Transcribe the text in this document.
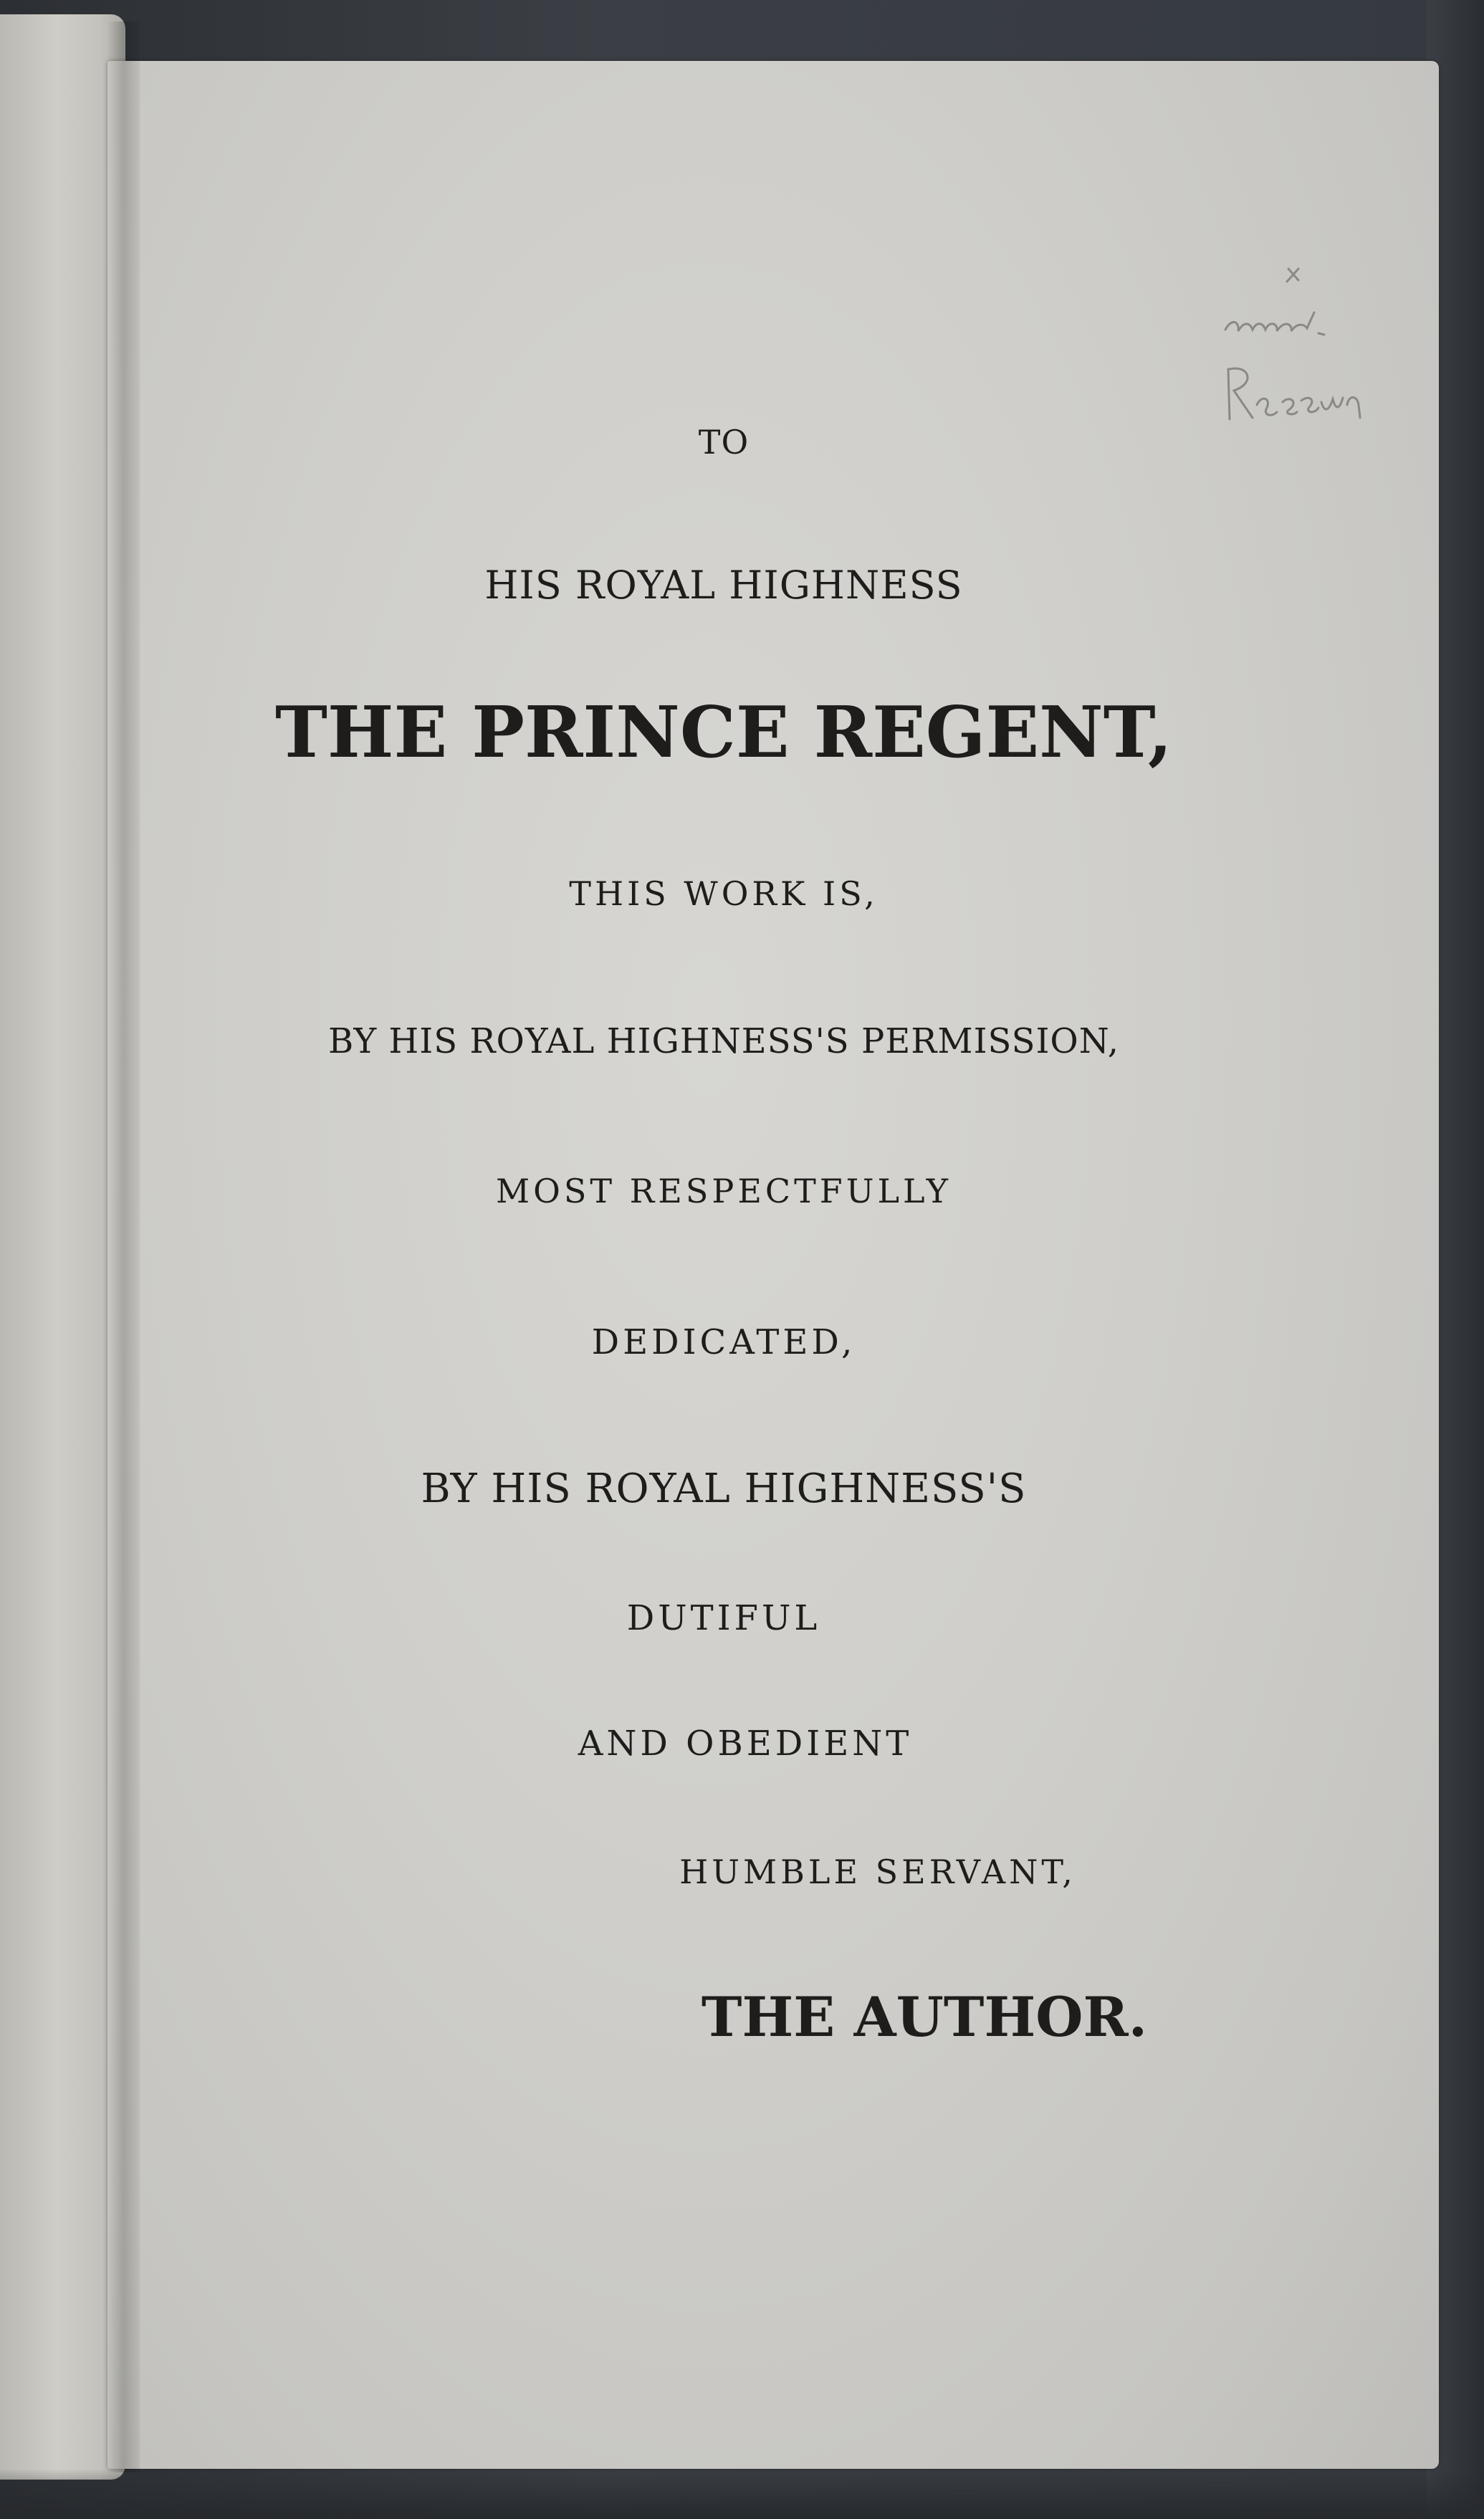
TO
HIS ROYAL HIGHNESS
THE PRINCE REGENT,
THIS WORK IS,
BY HIS ROYAL HIGHNESS'S PERMISSION,
MOST RESPECTFULLY
DEDICATED,
BY HIS ROYAL HIGHNESS'S
DUTIFUL
AND OBEDIENT
HUMBLE SERVANT,
THE AUTHOR.
